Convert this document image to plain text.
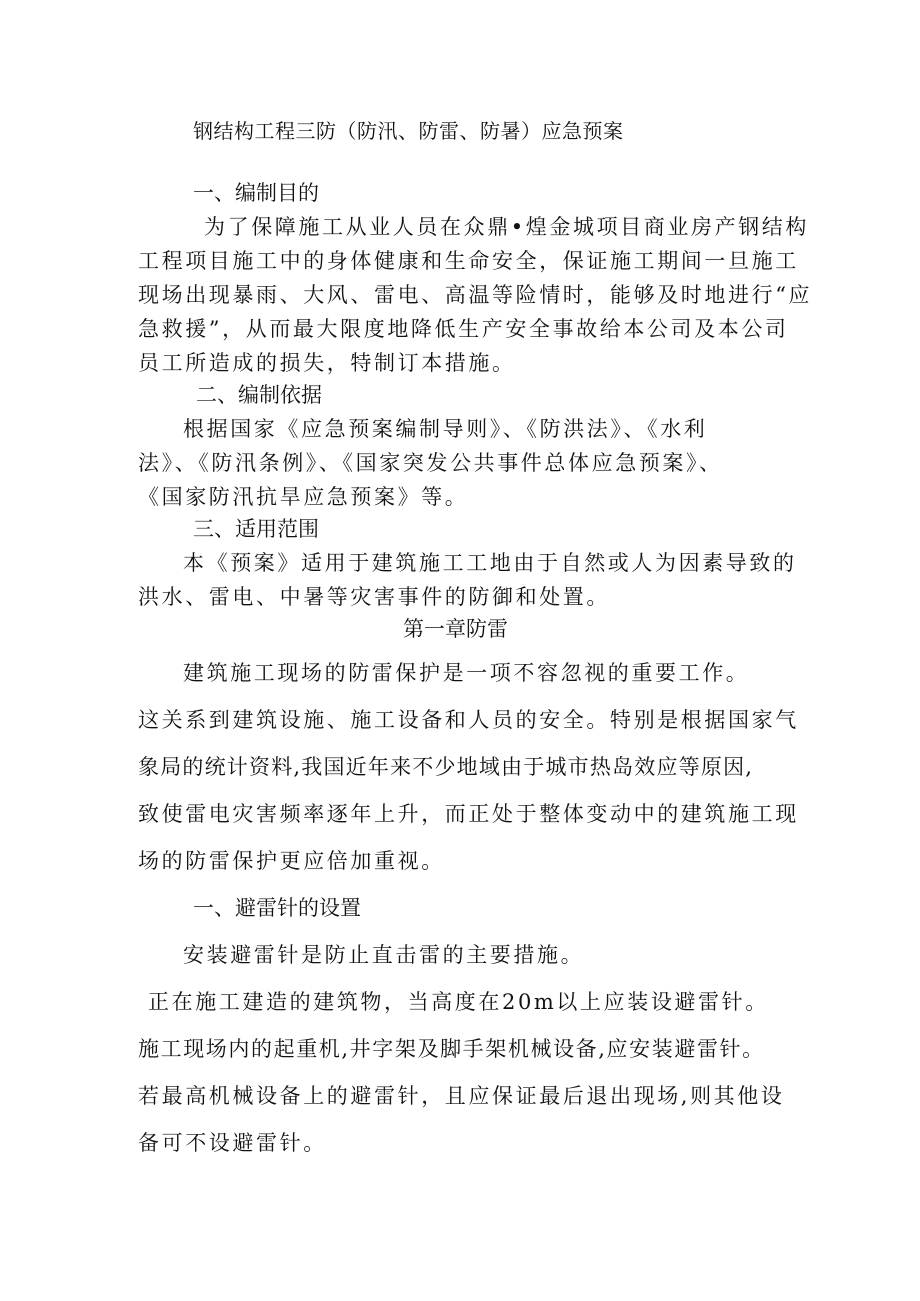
钢结构工程三防（防汛、防雷、防暑）应急预案

一、编制目的

为了保障施工从业人员在众鼎•煌金城项目商业房产钢结构

工程项目施工中的身体健康和生命安全，保证施工期间一旦施工

现场出现暴雨、大风、雷电、高温等险情时，能够及时地进行“应

急救援”，从而最大限度地降低生产安全事故给本公司及本公司

员工所造成的损失，特制订本措施。

二、编制依据

根据国家《应急预案编制导则》、《防洪法》、《水利

法》、《防汛条例》、《国家突发公共事件总体应急预案》、

《国家防汛抗旱应急预案》等。

三、适用范围

本《预案》适用于建筑施工工地由于自然或人为因素导致的

洪水、雷电、中暑等灾害事件的防御和处置。

第一章防雷

建筑施工现场的防雷保护是一项不容忽视的重要工作。

这关系到建筑设施、施工设备和人员的安全。特别是根据国家气

象局的统计资料,我国近年来不少地域由于城市热岛效应等原因,

致使雷电灾害频率逐年上升，而正处于整体变动中的建筑施工现

场的防雷保护更应倍加重视。

一、避雷针的设置

安装避雷针是防止直击雷的主要措施。

正在施工建造的建筑物，当高度在20m以上应装设避雷针。

施工现场内的起重机,井字架及脚手架机械设备,应安装避雷针。

若最高机械设备上的避雷针，且应保证最后退出现场,则其他设

备可不设避雷针。
